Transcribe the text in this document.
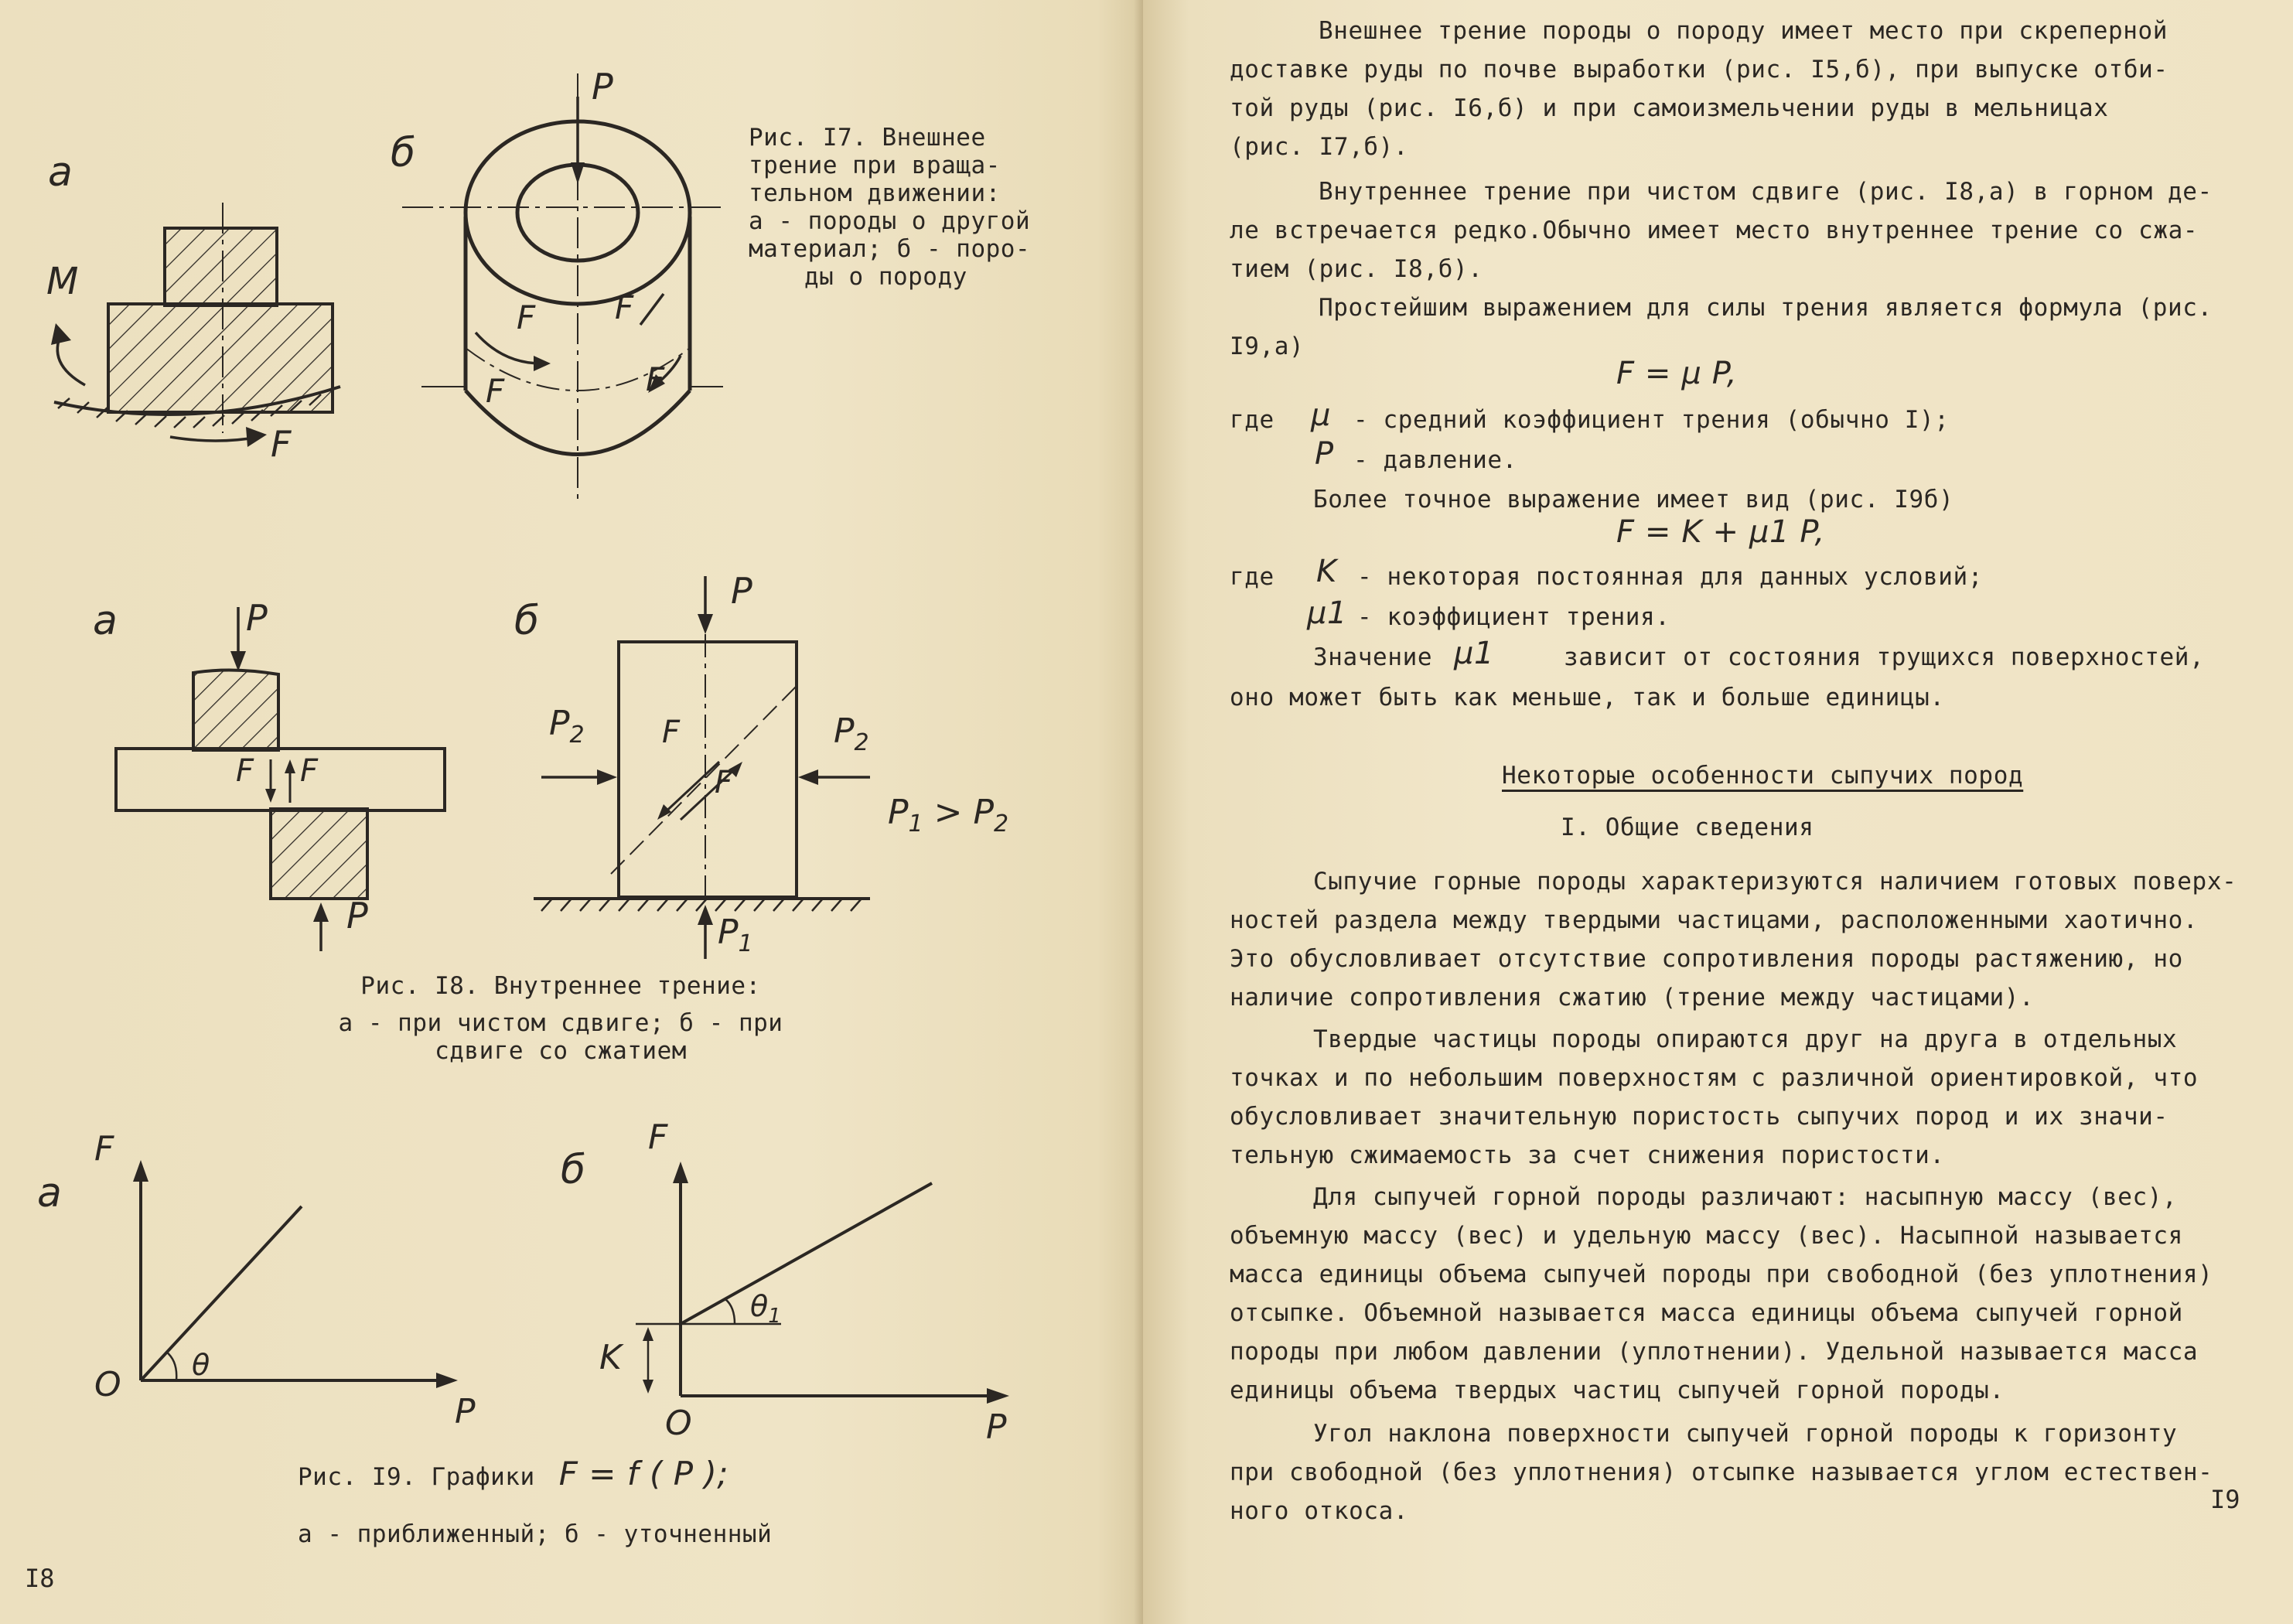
a
M
F
б
P
F F
F	F
Рис. I7. Внешнее
трение при враща-
тельном движении:
а - породы о другой
материал; б - поро-
ды о породу
a	P
F F
P
б
P
F
F
$P_2$	$P_2$
$P_1$
$P_1 > P_2$
Рис. I8. Внутреннее трение:
а - при чистом сдвиге; б - при
сдвиге со сжатием
a
F
θ
O
P
б
F
$\theta_1$
K
O	P
Рис. I9. Графики F = f ( P );
а - приближенный; б - уточненный
I8
Внешнее трение породы о породу имеет место при скреперной
доставке руды по почве выработки (рис. I5,б), при выпуске отби-
той руды (рис. I6,б) и при самоизмельчении руды в мельницах
(рис. I7,б).
Внутреннее трение при чистом сдвиге (рис. I8,а) в горном де-
ле встречается редко.Обычно имеет место внутреннее трение со сжа-
тием (рис. I8,б).
Простейшим выражением для силы трения является формула (рис.
I9,а)
F = μ P,
где μ - средний коэффициент трения (обычно I);
P - давление.
Более точное выражение имеет вид (рис. I9б)
F = K + μ1 P,
где K - некоторая постоянная для данных условий;
μ1 - коэффициент трения.
Значение μ1	зависит от состояния трущихся поверхностей,
оно может быть как меньше, так и больше единицы.
Некоторые особенности сыпучих пород
I. Общие сведения
Сыпучие горные породы характеризуются наличием готовых поверх-
ностей раздела между твердыми частицами, расположенными хаотично.
Это обусловливает отсутствие сопротивления породы растяжению, но
наличие сопротивления сжатию (трение между частицами).
Твердые частицы породы опираются друг на друга в отдельных
точках и по небольшим поверхностям с различной ориентировкой, что
обусловливает значительную пористость сыпучих пород и их значи-
тельную сжимаемость за счет снижения пористости.
Для сыпучей горной породы различают: насыпную массу (вес),
объемную массу (вес) и удельную массу (вес). Насыпной называется
масса единицы объема сыпучей породы при свободной (без уплотнения)
отсыпке. Объемной называется масса единицы объема сыпучей горной
породы при любом давлении (уплотнении). Удельной называется масса
единицы объема твердых частиц сыпучей горной породы.
Угол наклона поверхности сыпучей горной породы к горизонту
при свободной (без уплотнения) отсыпке называется углом естествен-
ного откоса.	I9
